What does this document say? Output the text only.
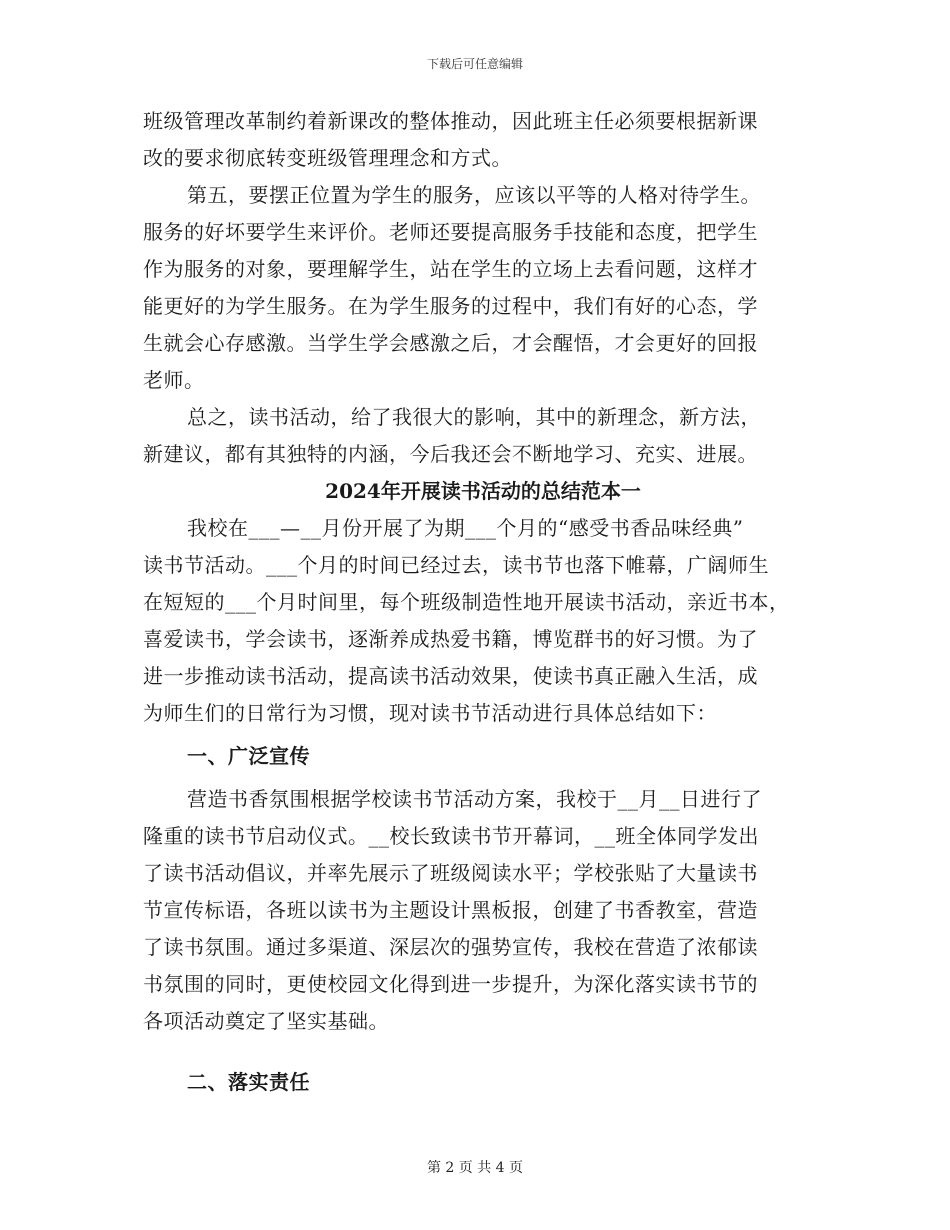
下载后可任意编辑
班级管理改革制约着新课改的整体推动，因此班主任必须要根据新课
改的要求彻底转变班级管理理念和方式。
第五，要摆正位置为学生的服务，应该以平等的人格对待学生。
服务的好坏要学生来评价。老师还要提高服务手技能和态度，把学生
作为服务的对象，要理解学生，站在学生的立场上去看问题，这样才
能更好的为学生服务。在为学生服务的过程中，我们有好的心态，学
生就会心存感激。当学生学会感激之后，才会醒悟，才会更好的回报
老师。
总之，读书活动，给了我很大的影响，其中的新理念，新方法，
新建议，都有其独特的内涵，今后我还会不断地学习、充实、进展。
2024年开展读书活动的总结范本一
我校在___—__月份开展了为期___个月的“感受书香品味经典”
读书节活动。___个月的时间已经过去，读书节也落下帷幕，广阔师生
在短短的___个月时间里，每个班级制造性地开展读书活动，亲近书本，
喜爱读书，学会读书，逐渐养成热爱书籍，博览群书的好习惯。为了
进一步推动读书活动，提高读书活动效果，使读书真正融入生活，成
为师生们的日常行为习惯，现对读书节活动进行具体总结如下：
一、广泛宣传
营造书香氛围根据学校读书节活动方案，我校于__月__日进行了
隆重的读书节启动仪式。__校长致读书节开幕词，__班全体同学发出
了读书活动倡议，并率先展示了班级阅读水平；学校张贴了大量读书
节宣传标语，各班以读书为主题设计黑板报，创建了书香教室，营造
了读书氛围。通过多渠道、深层次的强势宣传，我校在营造了浓郁读
书氛围的同时，更使校园文化得到进一步提升，为深化落实读书节的
各项活动奠定了坚实基础。
二、落实责任
第 2 页 共 4 页
